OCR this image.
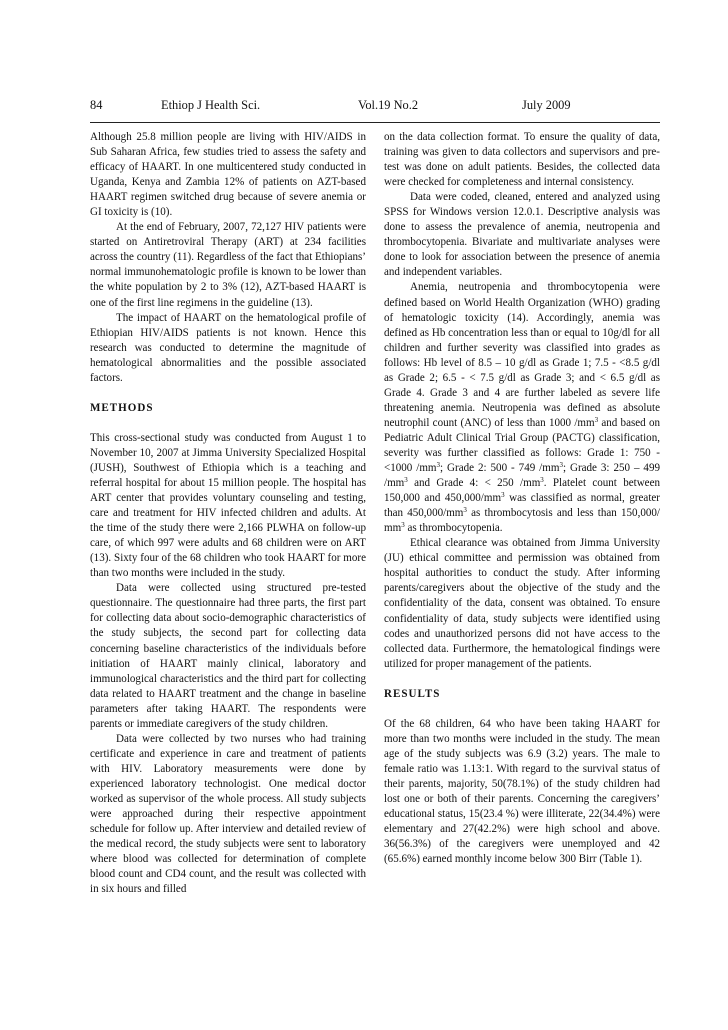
84	Ethiop J Health Sci.	Vol.19 No.2	July 2009

Although 25.8 million people are living with HIV/AIDS in Sub Saharan Africa, few studies tried to assess the safety and efficacy of HAART. In one multicentered study conducted in Uganda, Kenya and Zambia 12% of patients on AZT-based HAART regimen switched drug because of severe anemia or GI toxicity is (10).

At the end of February, 2007, 72,127 HIV patients were started on Antiretroviral Therapy (ART) at 234 facilities across the country (11). Regardless of the fact that Ethiopians’ normal immunohematologic profile is known to be lower than the white population by 2 to 3% (12), AZT-based HAART is one of the first line regimens in the guideline (13).

The impact of HAART on the hematological profile of Ethiopian HIV/AIDS patients is not known. Hence this research was conducted to determine the magnitude of hematological abnormalities and the possible associated factors.

METHODS

This cross-sectional study was conducted from August 1 to November 10, 2007 at Jimma University Specialized Hospital (JUSH), Southwest of Ethiopia which is a teaching and referral hospital for about 15 million people. The hospital has ART center that provides voluntary counseling and testing, care and treatment for HIV infected children and adults. At the time of the study there were 2,166 PLWHA on follow-up care, of which 997 were adults and 68 children were on ART (13). Sixty four of the 68 children who took HAART for more than two months were included in the study.

Data were collected using structured pre-tested questionnaire. The questionnaire had three parts, the first part for collecting data about socio-demographic characteristics of the study subjects, the second part for collecting data concerning baseline characteristics of the individuals before initiation of HAART mainly clinical, laboratory and immunological characteristics and the third part for collecting data related to HAART treatment and the change in baseline parameters after taking HAART. The respondents were parents or immediate caregivers of the study children.

Data were collected by two nurses who had training certificate and experience in care and treatment of patients with HIV. Laboratory measurements were done by experienced laboratory technologist. One medical doctor worked as supervisor of the whole process. All study subjects were approached during their respective appointment schedule for follow up. After interview and detailed review of the medical record, the study subjects were sent to laboratory where blood was collected for determination of complete blood count and CD4 count, and the result was collected with in six hours and filled

on the data collection format. To ensure the quality of data, training was given to data collectors and supervisors and pre-test was done on adult patients. Besides, the collected data were checked for completeness and internal consistency.

Data were coded, cleaned, entered and analyzed using SPSS for Windows version 12.0.1. Descriptive analysis was done to assess the prevalence of anemia, neutropenia and thrombocytopenia. Bivariate and multivariate analyses were done to look for association between the presence of anemia and independent variables.

Anemia, neutropenia and thrombocytopenia were defined based on World Health Organization (WHO) grading of hematologic toxicity (14). Accordingly, anemia was defined as Hb concentration less than or equal to 10g/dl for all children and further severity was classified into grades as follows: Hb level of 8.5 – 10 g/dl as Grade 1; 7.5 - <8.5 g/dl as Grade 2; 6.5 - < 7.5 g/dl as Grade 3; and < 6.5 g/dl as Grade 4. Grade 3 and 4 are further labeled as severe life threatening anemia. Neutropenia was defined as absolute neutrophil count (ANC) of less than 1000 $/mm^3$ and based on Pediatric Adult Clinical Trial Group (PACTG) classification, severity was further classified as follows: Grade 1: 750 - <1000 $/mm^3$; Grade 2: 500 - 749 $/mm^3$; Grade 3: 250 – 499 $/mm^3$ and Grade 4: < 250 $/mm^3$. Platelet count between 150,000 and $450,000/mm^3$ was classified as normal, greater than $450,000/mm^3$ as thrombocytosis and less than 150,000/ $mm^3$ as thrombocytopenia.

Ethical clearance was obtained from Jimma University (JU) ethical committee and permission was obtained from hospital authorities to conduct the study. After informing parents/caregivers about the objective of the study and the confidentiality of the data, consent was obtained. To ensure confidentiality of data, study subjects were identified using codes and unauthorized persons did not have access to the collected data. Furthermore, the hematological findings were utilized for proper management of the patients.

RESULTS

Of the 68 children, 64 who have been taking HAART for more than two months were included in the study. The mean age of the study subjects was 6.9 (3.2) years. The male to female ratio was 1.13:1. With regard to the survival status of their parents, majority, 50(78.1%) of the study children had lost one or both of their parents. Concerning the caregivers’ educational status, 15(23.4 %) were illiterate, 22(34.4%) were elementary and 27(42.2%) were high school and above. 36(56.3%) of the caregivers were unemployed and 42 (65.6%) earned monthly income below 300 Birr (Table 1).
